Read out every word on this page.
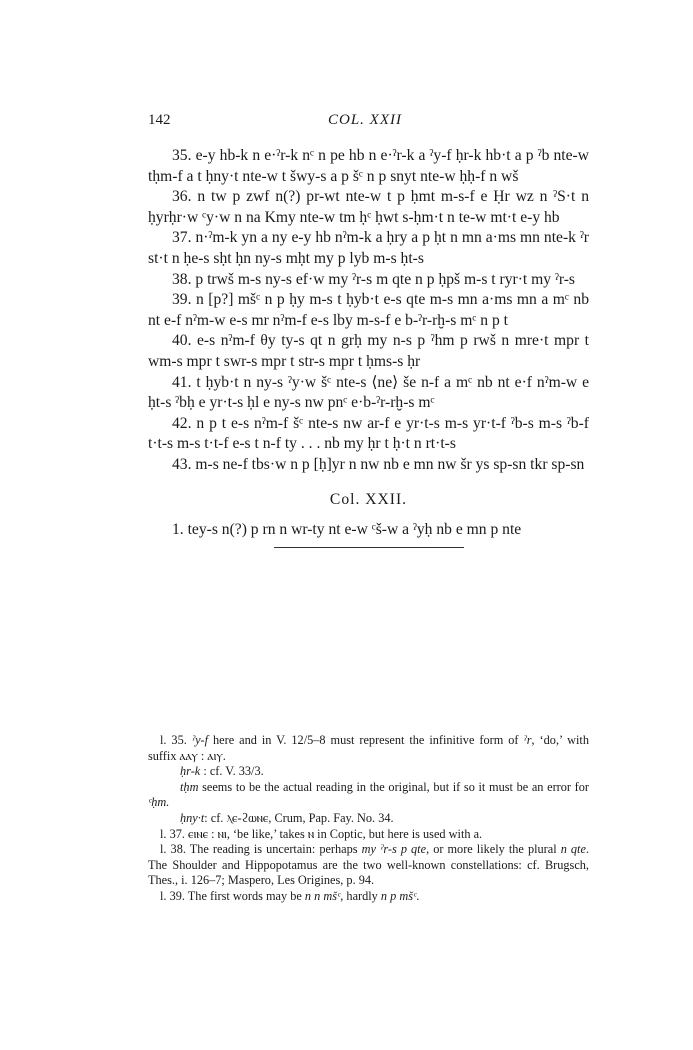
142	COL. XXII

35. e-y hb-k n e·ˀr-k nᶜ n pe hb n e·ˀr-k a ˀy-f ḥr-k hb·t a p ˀb nte-w tḥm-f a t ḥny·t nte-w t šwy-s a p šᶜ n p snyt nte-w ḥḥ-f n wš

36. n tw p zwf n(?) pr-wt nte-w t p ḥmt m-s-f e Ḥr wz n ˀS·t n ḥyrḥr·w ᶜy·w n na Kmy nte-w tm ḥᶜ ḥwt s-ḥm·t n te-w mt·t e-y hb

37. n·ˀm-k yn a ny e-y hb nˀm-k a ḥry a p ḥt n mn a·ms mn nte-k ˀr st·t n ḥe-s sḥt ḥn ny-s mḥt my p lyb m-s ḥt-s

38. p trwš m-s ny-s ef·w my ˀr-s m qte n p ḥpš m-s t ryr·t my ˀr-s

39. n [p?] mšᶜ n p ḥy m-s t ḥyb·t e-s qte m-s mn a·ms mn a mᶜ nb nt e-f nˀm-w e-s mr nˀm-f e-s lby m-s-f e b-ˀr-rḫ-s mᶜ n p t

40. e-s nˀm-f θy ty-s qt n grḥ my n-s p ˀhm p rwš n mre·t mpr t wm-s mpr t swr-s mpr t str-s mpr t ḥms-s ḥr

41. t ḥyb·t n ny-s ˀy·w šᶜ nte-s ⟨ne⟩ še n-f a mᶜ nb nt e·f nˀm-w e ḥt-s ˀbḥ e yr·t-s ḥl e ny-s nw pnᶜ e·b-ˀr-rḫ-s mᶜ

42. n p t e-s nˀm-f šᶜ nte-s nw ar-f e yr·t-s m-s yr·t-f ˀb-s m-s ˀb-f t·t-s m-s t·t-f e-s t n-f ty . . . nb my ḥr t ḥ·t n rt·t-s

43. m-s ne-f tbs·w n p [ḥ]yr n nw nb e mn nw šr ys sp-sn tkr sp-sn

Col. XXII.

1. tey-s n(?) p rn n wr-ty nt e-w ᶜš-w a ˀyḥ nb e mn p nte

l. 35. ˀy-f here and in V. 12/5–8 must represent the infinitive form of ˀr, ‘do,’ with suffix ⲁⲁⲩ : ⲁⲓⲩ.

ḥr-k : cf. V. 33/3.

tḥm seems to be the actual reading in the original, but if so it must be an error for ᶜḥm.

ḥny·t: cf. ⲗⲉ-ϩⲱⲛⲉ, Crum, Pap. Fay. No. 34.

l. 37. ⲉⲓⲛⲉ : ⲛⲓ, ‘be like,’ takes ⲛ in Coptic, but here is used with a.

l. 38. The reading is uncertain: perhaps my ˀr-s p qte, or more likely the plural n qte. The Shoulder and Hippopotamus are the two well-known constellations: cf. Brugsch, Thes., i. 126–7; Maspero, Les Origines, p. 94.

l. 39. The first words may be n n mšᶜ, hardly n p mšᶜ.
